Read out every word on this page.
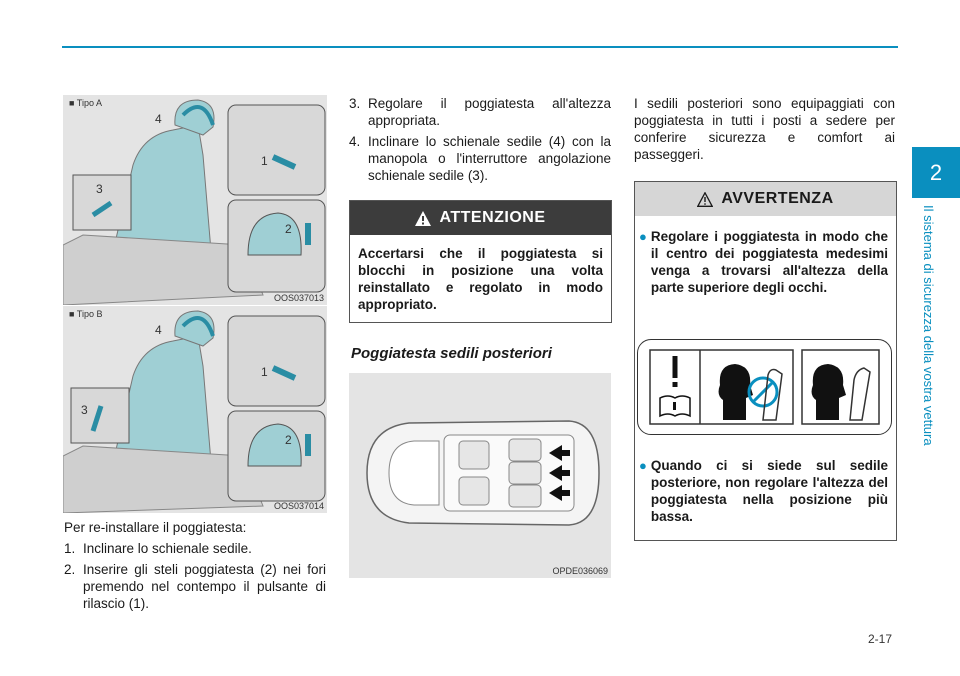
2
Il sistema di sicurezza della vostra vettura
2-17
4
3
1
2
■ Tipo A
OOS037013
4
3
1
2
■ Tipo B
OOS037014
Per re-installare il poggiatesta:
1. Inclinare lo schienale sedile.
2. Inserire gli steli poggiatesta (2) nei fori premendo nel contempo il pulsante di rilascio (1).
3. Regolare il poggiatesta all'altezza appropriata.
4. Inclinare lo schienale sedile (4) con la manopola o l'interruttore angolazione schienale sedile (3).
ATTENZIONE
Accertarsi che il poggiatesta si blocchi in posizione una volta reinstallato e regolato in modo appropriato.
Poggiatesta sedili posteriori
OPDE036069
I sedili posteriori sono equipaggiati con poggiatesta in tutti i posti a sedere per conferire sicurezza e comfort ai passeggeri.
AVVERTENZA
● Regolare i poggiatesta in modo che il centro dei poggiatesta medesimi venga a trovarsi all'altezza della parte superiore degli occhi.
● Quando ci si siede sul sedile posteriore, non regolare l'altezza del poggiatesta nella posizione più bassa.
